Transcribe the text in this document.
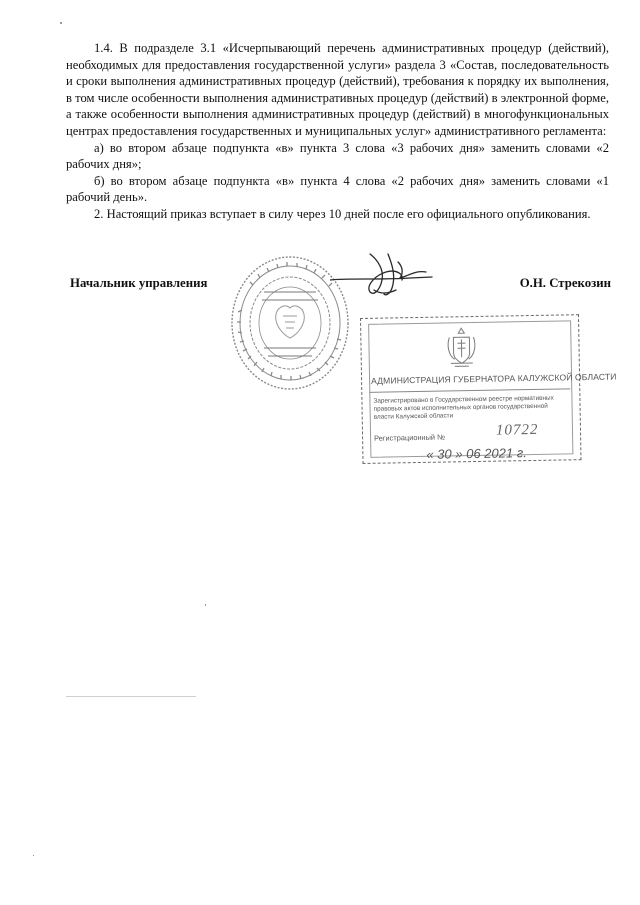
1.4. В подразделе 3.1 «Исчерпывающий перечень административных процедур (действий), необходимых для предоставления государственной услуги» раздела 3 «Состав, последовательность и сроки выполнения административных процедур (действий), требования к порядку их выполнения, в том числе особенности выполнения административных процедур (действий) в электронной форме, а также особенности выполнения административных процедур (действий) в многофункциональных центрах предоставления государственных и муниципальных услуг» административного регламента:

а) во втором абзаце подпункта «в» пункта 3 слова «3 рабочих дня» заменить словами «2 рабочих дня»;

б) во втором абзаце подпункта «в» пункта 4 слова «2 рабочих дня» заменить словами «1 рабочий день».

2. Настоящий приказ вступает в силу через 10 дней после его официального опубликования.

Начальник управления	О.Н. Стрекозин
АДМИНИСТРАЦИЯ ГУБЕРНАТОРА КАЛУЖСКОЙ ОБЛАСТИ
Зарегистрировано в Государственном реестре нормативных правовых актов исполнительных органов государственной власти Калужской области
Регистрационный №	10722
« 30 » 06 2021 г.
